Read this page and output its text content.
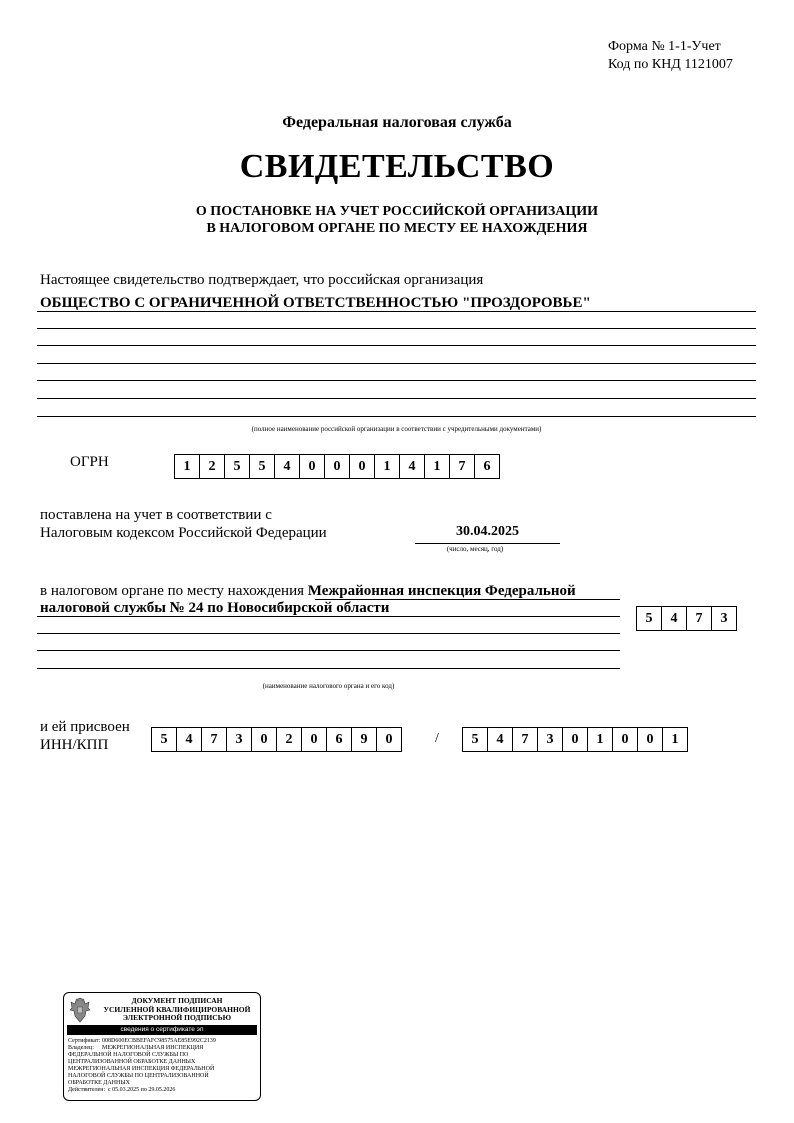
Форма № 1-1-Учет
Код по КНД 1121007
Федеральная налоговая служба
СВИДЕТЕЛЬСТВО
О ПОСТАНОВКЕ НА УЧЕТ РОССИЙСКОЙ ОРГАНИЗАЦИИ
В НАЛОГОВОМ ОРГАНЕ ПО МЕСТУ ЕЕ НАХОЖДЕНИЯ
Настоящее свидетельство подтверждает, что российская организация
ОБЩЕСТВО С ОГРАНИЧЕННОЙ ОТВЕТСТВЕННОСТЬЮ "ПРОЗДОРОВЬЕ"
(полное наименование российской организации в соответствии с учредительными документами)
ОГРН	1	2	5	5	4	0	0	0	1	4	1	7	6
поставлена на учет в соответствии с
Налоговым кодексом Российской Федерации	30.04.2025
(число, месяц, год)
в налоговом органе по месту нахождения Межрайонная инспекция Федеральной
налоговой службы № 24 по Новосибирской области
(наименование налогового органа и его код)
5	4	7	3
и ей присвоен
ИНН/КПП	5	4	7	3	0	2	0	6	9	0	/	5	4	7	3	0	1	0	0	1
ДОКУМЕНТ ПОДПИСАН
УСИЛЕННОЙ КВАЛИФИЦИРОВАННОЙ
ЭЛЕКТРОННОЙ ПОДПИСЬЮ
сведения о сертификате эп
Сертификат: 008D600ECBBEFAFC98575AE85E992C2139
Владелец:	МЕЖРЕГИОНАЛЬНАЯ ИНСПЕКЦИЯ
ФЕДЕРАЛЬНОЙ НАЛОГОВОЙ СЛУЖБЫ ПО
ЦЕНТРАЛИЗОВАННОЙ ОБРАБОТКЕ ДАННЫХ
МЕЖРЕГИОНАЛЬНАЯ ИНСПЕКЦИЯ ФЕДЕРАЛЬНОЙ
НАЛОГОВОЙ СЛУЖБЫ ПО ЦЕНТРАЛИЗОВАННОЙ
ОБРАБОТКЕ ДАННЫХ
Действителен: с 05.03.2025 по 29.05.2026
